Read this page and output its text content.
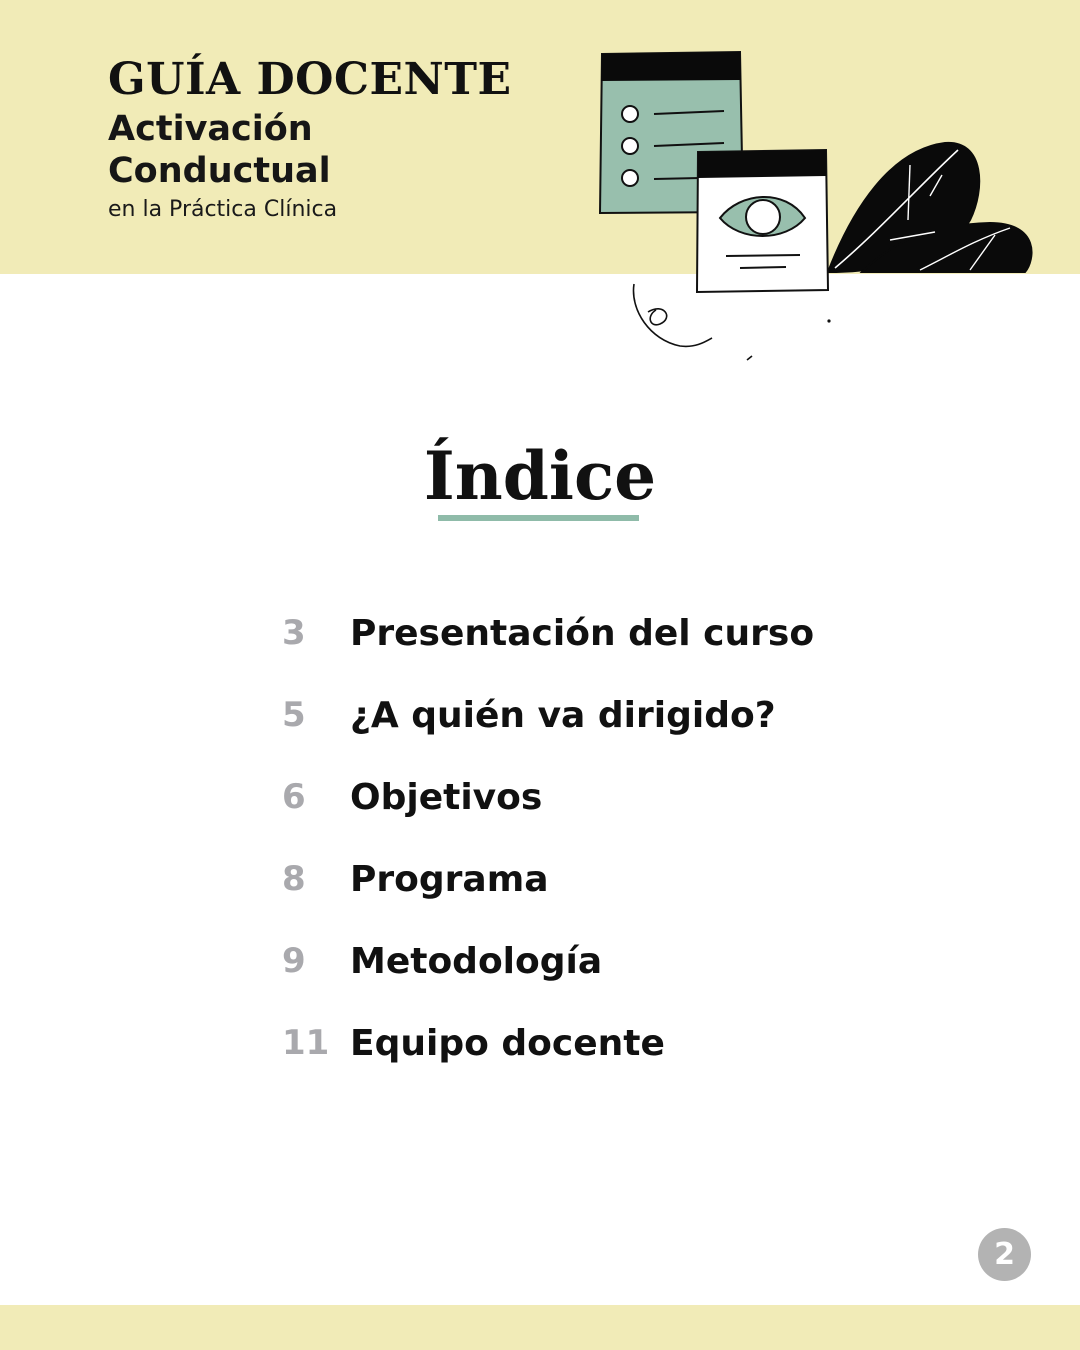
GUÍA DOCENTE
Activación
Conductual
en la Práctica Clínica
Índice
3	Presentación del curso
5	¿A quién va dirigido?
6	Objetivos
8	Programa
9	Metodología
11 Equipo docente
2
